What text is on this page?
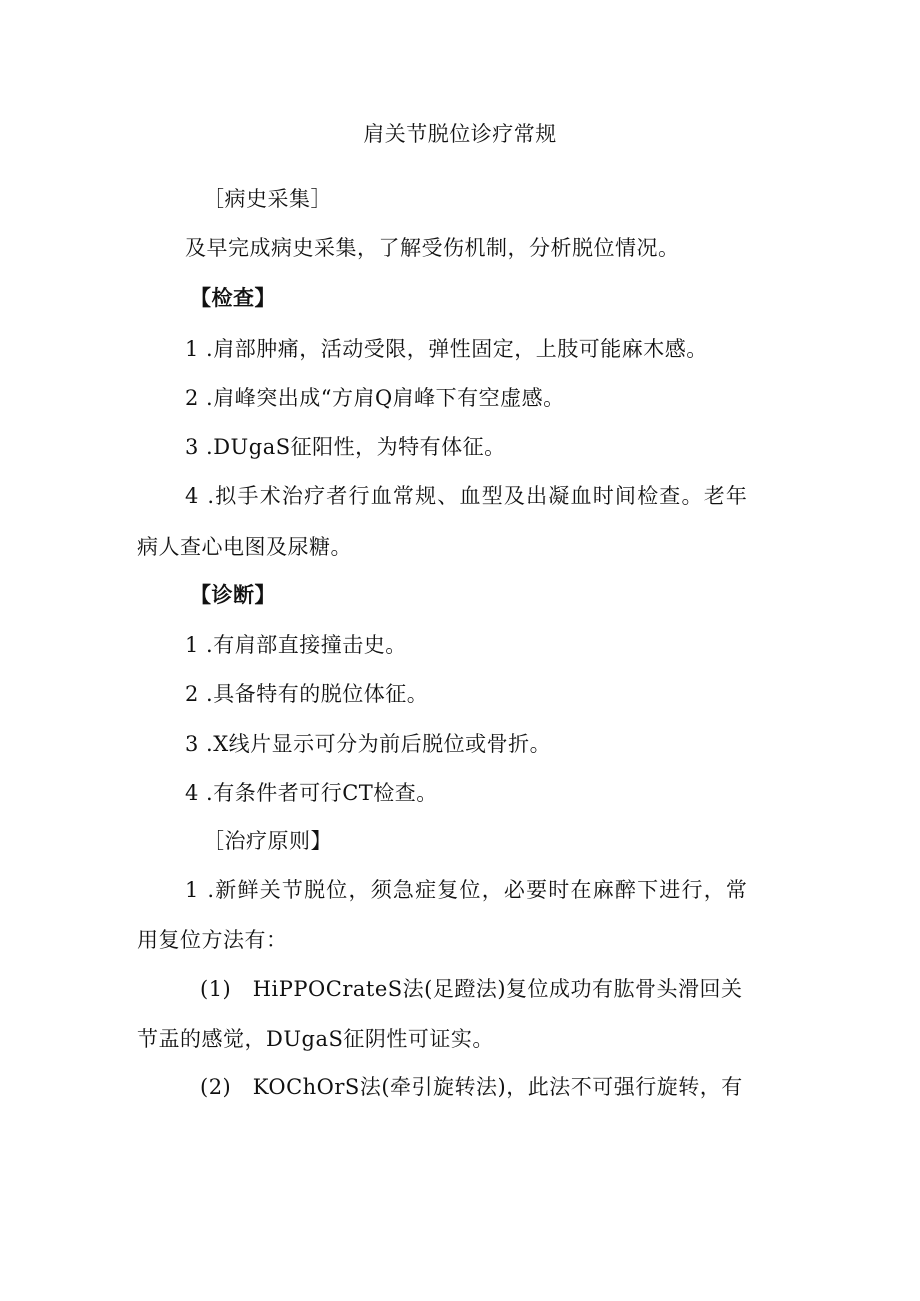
肩关节脱位诊疗常规
［病史采集］
及早完成病史采集，了解受伤机制，分析脱位情况。
【检查】
1 .肩部肿痛，活动受限，弹性固定，上肢可能麻木感。
2 .肩峰突出成“方肩Q肩峰下有空虚感。
3 .DUgaS征阳性，为特有体征。
4 .拟手术治疗者行血常规、血型及出凝血时间检查。老年
病人查心电图及尿糖。
【诊断】
1 .有肩部直接撞击史。
2 .具备特有的脱位体征。
3 .X线片显示可分为前后脱位或骨折。
4 .有条件者可行CT检查。
［治疗原则】
1 .新鲜关节脱位，须急症复位，必要时在麻醉下进行，常
用复位方法有：
(1)　HiPPOCrateS法(足蹬法)复位成功有肱骨头滑回关
节盂的感觉，DUgaS征阴性可证实。
(2)　KOChOrS法(牵引旋转法)，此法不可强行旋转，有
